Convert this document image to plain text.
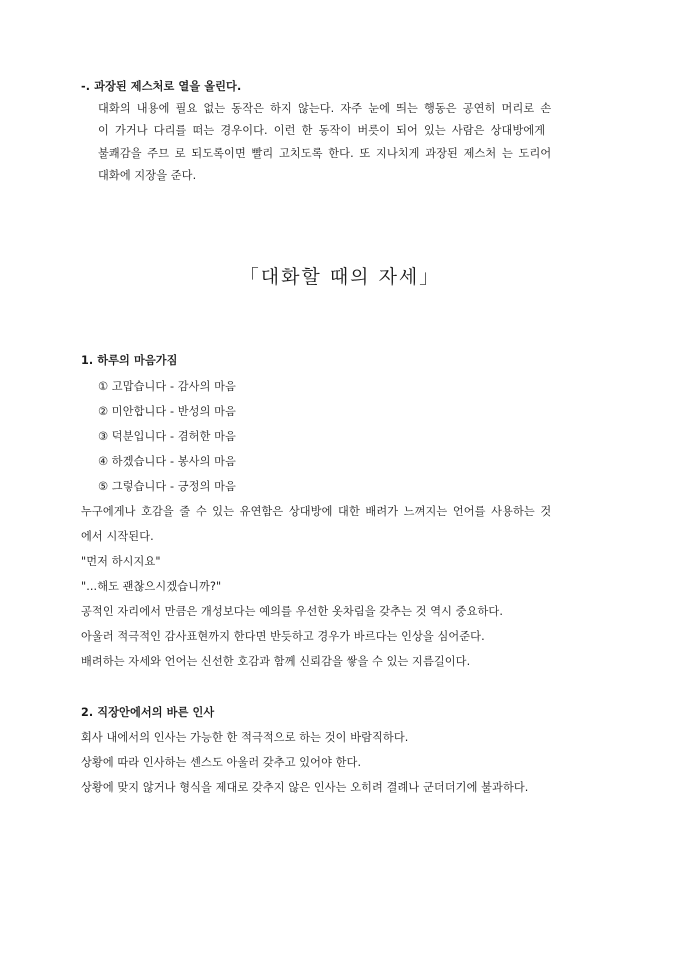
-. 과장된 제스처로 열을 올린다.
대화의 내용에 필요 없는 동작은 하지 않는다. 자주 눈에 띄는 행동은 공연히 머리로 손
이 가거나 다리를 떠는 경우이다. 이런 한 동작이 버릇이 되어 있는 사람은 상대방에게
불쾌감을 주므 로 되도록이면 빨리 고치도록 한다. 또 지나치게 과장된 제스처 는 도리어
대화에 지장을 준다.
「대화할 때의 자세」
1. 하루의 마음가짐
① 고맙습니다 - 감사의 마음
② 미안합니다 - 반성의 마음
③ 덕분입니다 - 겸허한 마음
④ 하겠습니다 - 봉사의 마음
⑤ 그렇습니다 - 긍정의 마음
누구에게나 호감을 줄 수 있는 유연함은 상대방에 대한 배려가 느껴지는 언어를 사용하는 것
에서 시작된다.
"먼저 하시지요"
"...해도 괜찮으시겠습니까?"
공적인 자리에서 만큼은 개성보다는 예의를 우선한 옷차림을 갖추는 것 역시 중요하다.
아울러 적극적인 감사표현까지 한다면 반듯하고 경우가 바르다는 인상을 심어준다.
배려하는 자세와 언어는 신선한 호감과 함께 신뢰감을 쌓을 수 있는 지름길이다.
2. 직장안에서의 바른 인사
회사 내에서의 인사는 가능한 한 적극적으로 하는 것이 바람직하다.
상황에 따라 인사하는 센스도 아울러 갖추고 있어야 한다.
상황에 맞지 않거나 형식을 제대로 갖추지 않은 인사는 오히려 결례나 군더더기에 불과하다.
